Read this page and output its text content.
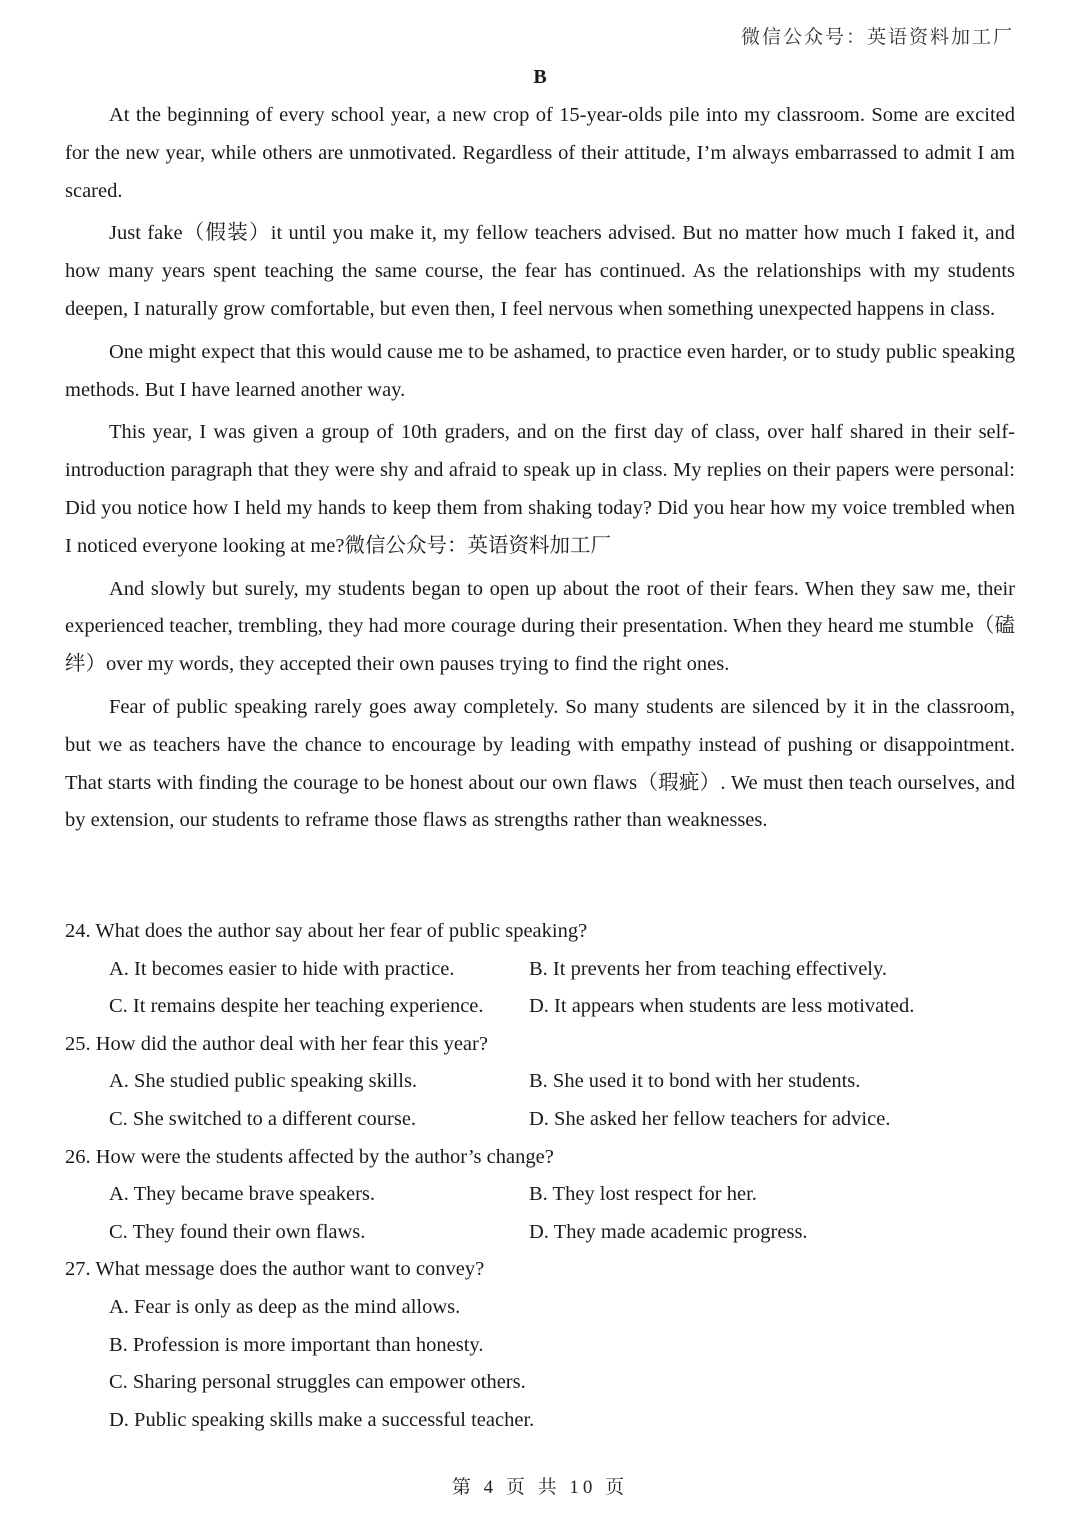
微信公众号：英语资料加工厂
B

At the beginning of every school year, a new crop of 15-year-olds pile into my classroom. Some are excited for the new year, while others are unmotivated. Regardless of their attitude, I’m always embarrassed to admit I am scared.

Just fake（假装）it until you make it, my fellow teachers advised. But no matter how much I faked it, and how many years spent teaching the same course, the fear has continued. As the relationships with my students deepen, I naturally grow comfortable, but even then, I feel nervous when something unexpected happens in class.

One might expect that this would cause me to be ashamed, to practice even harder, or to study public speaking methods. But I have learned another way.

This year, I was given a group of 10th graders, and on the first day of class, over half shared in their self-introduction paragraph that they were shy and afraid to speak up in class. My replies on their papers were personal: Did you notice how I held my hands to keep them from shaking today? Did you hear how my voice trembled when I noticed everyone looking at me?微信公众号：英语资料加工厂

And slowly but surely, my students began to open up about the root of their fears. When they saw me, their experienced teacher, trembling, they had more courage during their presentation. When they heard me stumble（磕绊）over my words, they accepted their own pauses trying to find the right ones.

Fear of public speaking rarely goes away completely. So many students are silenced by it in the classroom, but we as teachers have the chance to encourage by leading with empathy instead of pushing or disappointment. That starts with finding the courage to be honest about our own flaws（瑕疵）. We must then teach ourselves, and by extension, our students to reframe those flaws as strengths rather than weaknesses.

24. What does the author say about her fear of public speaking?

A. It becomes easier to hide with practice.	B. It prevents her from teaching effectively.
C. It remains despite her teaching experience.	D. It appears when students are less motivated.

25. How did the author deal with her fear this year?

A. She studied public speaking skills.	B. She used it to bond with her students.
C. She switched to a different course.	D. She asked her fellow teachers for advice.

26. How were the students affected by the author’s change?

A. They became brave speakers.	B. They lost respect for her.
C. They found their own flaws.	D. They made academic progress.

27. What message does the author want to convey?

A. Fear is only as deep as the mind allows.
B. Profession is more important than honesty.
C. Sharing personal struggles can empower others.
D. Public speaking skills make a successful teacher.
第 4 页 共 10 页
